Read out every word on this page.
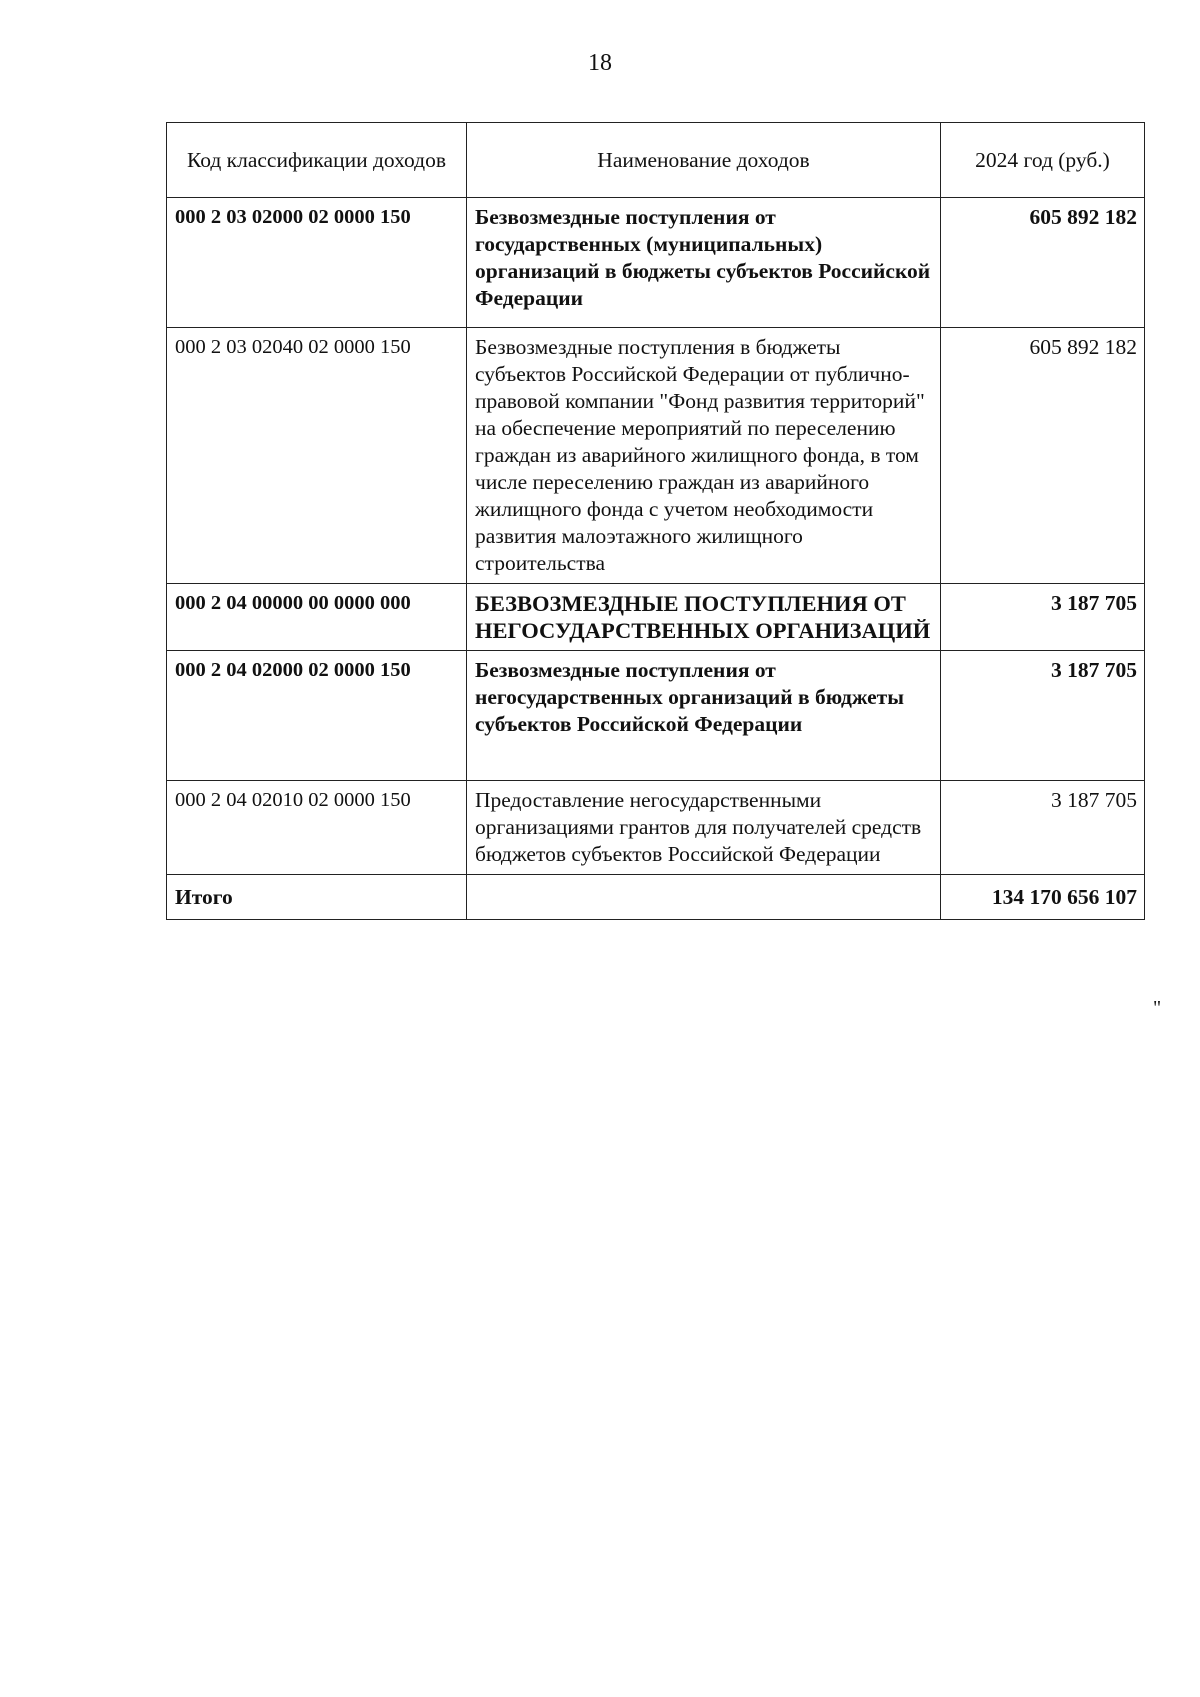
18
Код классификации доходов	Наименование доходов	2024 год (руб.)
000 2 03 02000 02 0000 150	Безвозмездные поступления от государственных (муниципальных) организаций в бюджеты субъектов Российской Федерации	605 892 182
000 2 03 02040 02 0000 150	Безвозмездные поступления в бюджеты субъектов Российской Федерации от публично-правовой компании "Фонд развития территорий" на обеспечение мероприятий по переселению граждан из аварийного жилищного фонда, в том числе переселению граждан из аварийного жилищного фонда с учетом необходимости развития малоэтажного жилищного строительства	605 892 182
000 2 04 00000 00 0000 000	БЕЗВОЗМЕЗДНЫЕ ПОСТУПЛЕНИЯ ОТ НЕГОСУДАРСТВЕННЫХ ОРГАНИЗАЦИЙ	3 187 705
000 2 04 02000 02 0000 150	Безвозмездные поступления от негосударственных организаций в бюджеты субъектов Российской Федерации	3 187 705
000 2 04 02010 02 0000 150	Предоставление негосударственными организациями грантов для получателей средств бюджетов субъектов Российской Федерации	3 187 705
Итого		134 170 656 107
"
